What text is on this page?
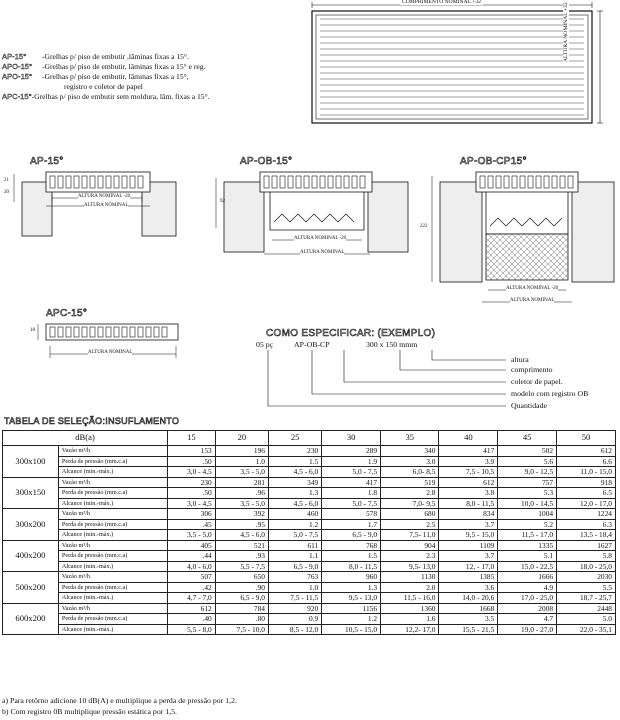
COMPRIMENTO NOMINAL +32
ALTURA NOMINAL +32
AP-15° -Grelhas p/ piso de embutir ,lâminas fixas a 15°.
APO-15° -Grelhas p/ piso de embutir, lâminas fixas a 15° e reg.
APO-15° -Grelhas p/ piso de embutir, lâminas fixas a 15°,
registro e coletor de papel
APC-15°-Grelhas p/ piso de embutir sem moldura, lâm. fixas a 15°.
AP-15°
21
20
ALTURA NOMINAL -20
ALTURA NOMINAL
AP-OB-15°
92
ALTURA NOMINAL -20
ALTURA NOMINAL
AP-OB-CP15°
222
ALTURA NOMINAL -20
ALTURA NOMINAL
APC-15°
18
ALTURA NOMINAL
COMO ESPECIFICAR: (EXEMPLO)
05 pç	AP-OB-CP	300 x 150 mmm
altura
comprimento
coletor de papel.
modelo com registro OB
Quantidade
TABELA DE SELEÇÃO:INSUFLAMENTO
dB(a)		15	20	25	30	35	40	45	50
300x100	Vazão m³/h	153	196	230	289	340	417	502	612
	Perda de pressão (mm.c.a)	.50	1.0	1.5	1.9	3.0	3.9	5.6	6.6
	Alcance (min.-máx.)	3,0 - 4,5	3,5 - 5,0	4,5 - 6,0	5,0 - 7,5	6,0- 8,5	7,5 - 10,5	9,0 - 12,5	11,0 - 15,0
300x150	Vazão m³/h	230	281	349	417	519	612	757	918
	Perda de pressão (mm.c.a)	.50	.96	1.3	1.8	2.8	3.8	5.3	6.5
	Alcance (min.-máx.)	3,0 - 4,5	3,5 - 5,0	4,5 - 6,0	5,0 - 7,5	7,0- 9,5	8,0 - 11,5	10,0 - 14,5	12,0 - 17,0
300x200	Vazão m³/h	306	392	460	578	680	834	1004	1224
	Perda de pressão (mm.c.a)	.45	.95	1.2	1.7	2.5	3.7	5.2	6.3
	Alcance (min.-máx.)	3,5 - 5,0	4,5 - 6,0	5,0 - 7,5	6,5 - 9,0	7,5- 11,0	9,5 - 15,0	11,5 - 17,0	13,5 - 18,4
400x200	Vazão m³/h	405	521	611	768	904	1109	1335	1627
	Perda de pressão (mm.c.a)	.44	.93	1.1	1.5	2.3	3.7	5.1	5.8
	Alcance (min.-máx.)	4,0 - 6,0	5,5 - 7,5	6,5 - 9,0	8,0 - 11,5	9,5- 13,0	12, - 17,0	15,0 - 22,5	18,0 - 25,0
500x200	Vazão m³/h	507	650	763	960	1130	1385	1666	2030
	Perda de pressão (mm.c.a)	.42	.90	1.0	1.3	2.0	3.6	4.9	5.5
	Alcance (min.-máx.)	4,7 - 7,0	6,5 - 9,0	7,5 - 11,5	9,5 - 13,0	11,5 - 16,0	14,0 - 20,6	17,0 - 25,0	18,7 - 25,7
600x200	Vazão m³/h	612	784	920	1156	1360	1668	2008	2448
	Perda de pressão (mm.c.a)	.40	.80	0.9	1.2	1.6	3.5	4.7	5.0
	Alcance (min.-máx.)	5,5 - 8,0	7,5 - 10,0	8,5 - 12,0	10,5 - 15,0	12,2- 17,0	15,5 - 21,5	19,0 - 27,0	22,0 - 35,1
a) Para retôrno adicione 10 dB(A) e multiplique a perda de pressão por 1,2.
b) Com registro 0B multiplique pressão estática por 1,5.
